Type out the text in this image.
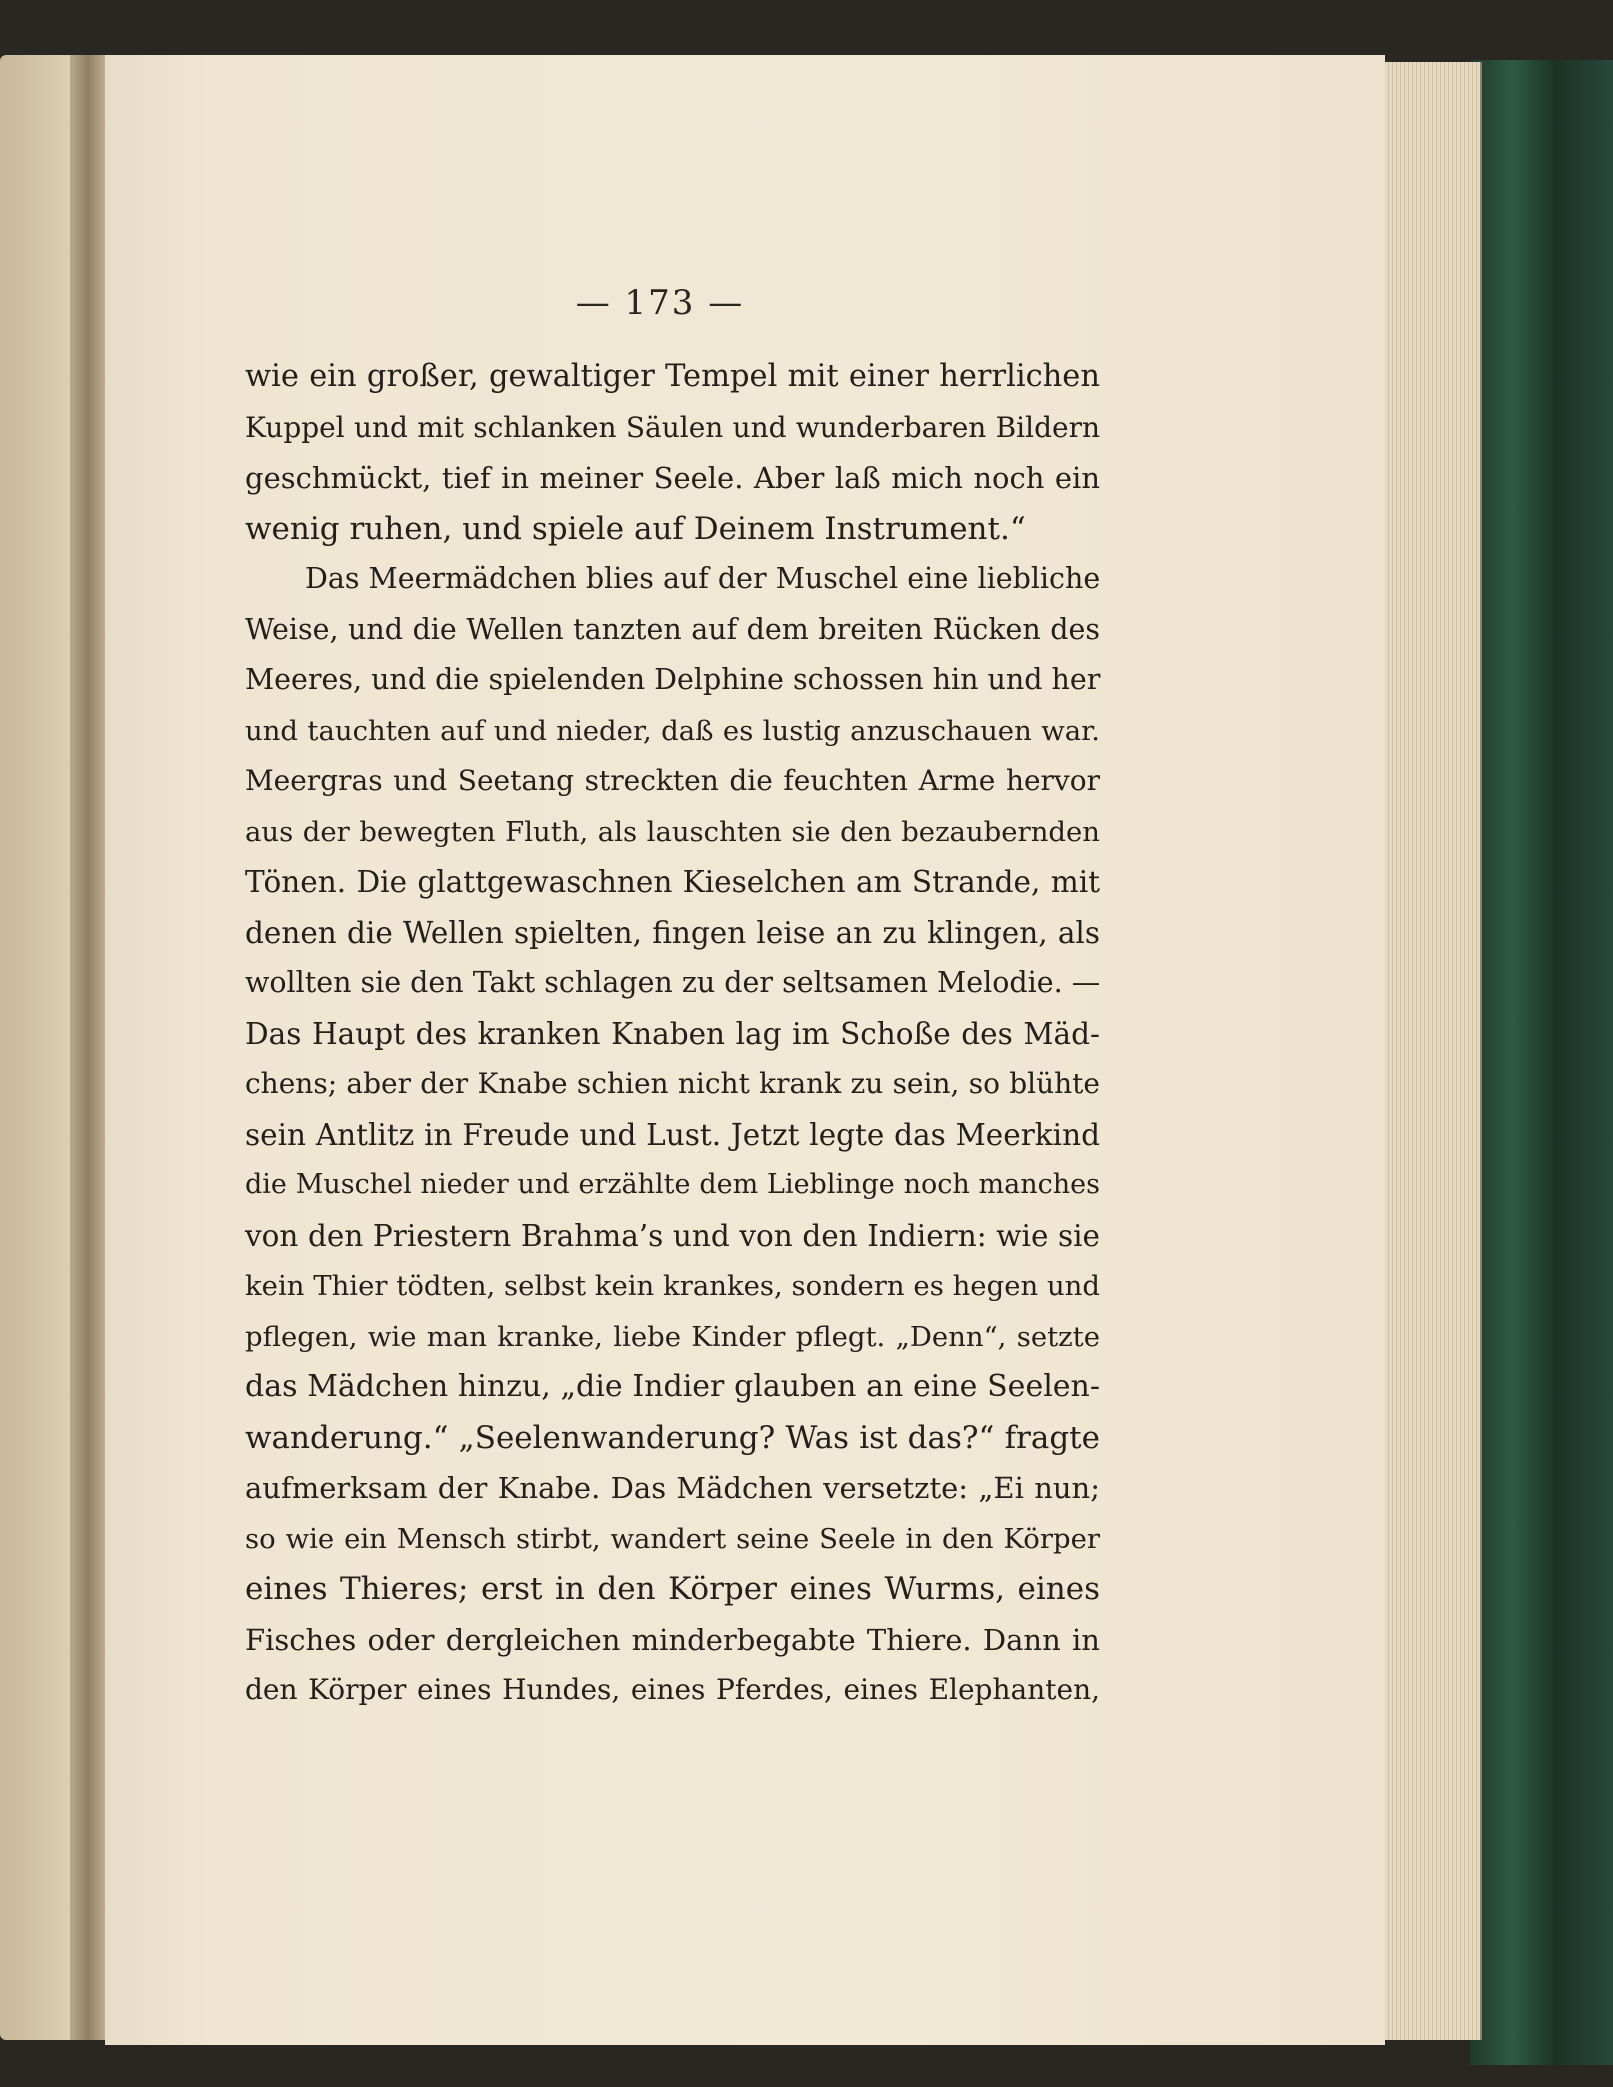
— 173 —
wie ein großer, gewaltiger Tempel mit einer herrlichen
Kuppel und mit schlanken Säulen und wunderbaren Bildern
geschmückt, tief in meiner Seele. Aber laß mich noch ein
wenig ruhen, und spiele auf Deinem Instrument.“
Das Meermädchen blies auf der Muschel eine liebliche
Weise, und die Wellen tanzten auf dem breiten Rücken des
Meeres, und die spielenden Delphine schossen hin und her
und tauchten auf und nieder, daß es lustig anzuschauen war.
Meergras und Seetang streckten die feuchten Arme hervor
aus der bewegten Fluth, als lauschten sie den bezaubernden
Tönen. Die glattgewaschnen Kieselchen am Strande, mit
denen die Wellen spielten, fingen leise an zu klingen, als
wollten sie den Takt schlagen zu der seltsamen Melodie. —
Das Haupt des kranken Knaben lag im Schoße des Mäd-
chens; aber der Knabe schien nicht krank zu sein, so blühte
sein Antlitz in Freude und Lust. Jetzt legte das Meerkind
die Muschel nieder und erzählte dem Lieblinge noch manches
von den Priestern Brahma’s und von den Indiern: wie sie
kein Thier tödten, selbst kein krankes, sondern es hegen und
pflegen, wie man kranke, liebe Kinder pflegt. „Denn“, setzte
das Mädchen hinzu, „die Indier glauben an eine Seelen-
wanderung.“ „Seelenwanderung? Was ist das?“ fragte
aufmerksam der Knabe. Das Mädchen versetzte: „Ei nun;
so wie ein Mensch stirbt, wandert seine Seele in den Körper
eines Thieres; erst in den Körper eines Wurms, eines
Fisches oder dergleichen minderbegabte Thiere. Dann in
den Körper eines Hundes, eines Pferdes, eines Elephanten,
